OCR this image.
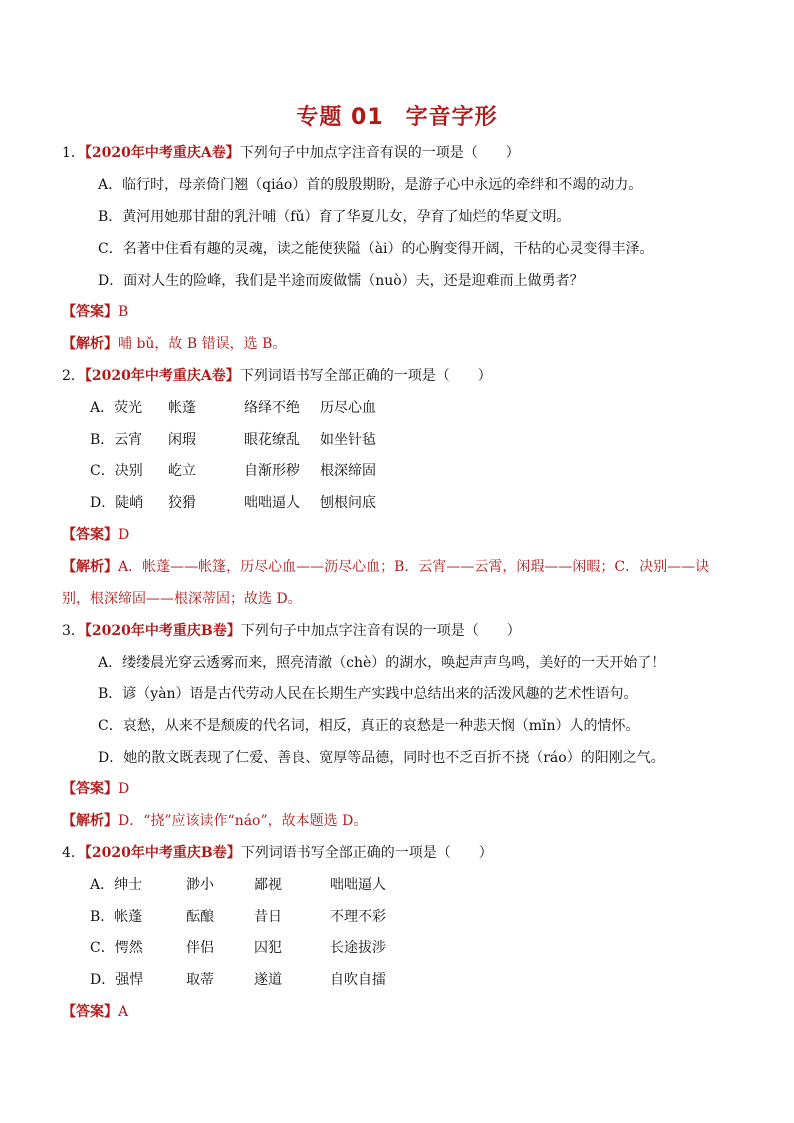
专题 01 字音字形
1．【2020年中考重庆A卷】下列句子中加点字注音有误的一项是（　　）
A．临行时，母亲倚门翘（qiáo）首的殷殷期盼，是游子心中永远的牵绊和不竭的动力。
B．黄河用她那甘甜的乳汁哺（fǔ）育了华夏儿女，孕育了灿烂的华夏文明。
C．名著中住看有趣的灵魂，读之能使狭隘（ài）的心胸变得开阔，干枯的心灵变得丰泽。
D．面对人生的险峰，我们是半途而废做懦（nuò）夫，还是迎难而上做勇者？
【答案】B
【解析】哺 bǔ，故 B 错误，选 B。
2．【2020年中考重庆A卷】下列词语书写全部正确的一项是（　　）
A．荧光 帐蓬	络绎不绝 历尽心血
B．云宵 闲瑕	眼花缭乱 如坐针毡
C．决别 屹立	自渐形秽 根深缔固
D．陡峭 狡猾	咄咄逼人 刨根问底
【答案】D
【解析】A．帐蓬——帐篷，历尽心血——沥尽心血；B．云宵——云霄，闲瑕——闲暇；C．决别——诀
别，根深缔固——根深蒂固；故选 D。
3．【2020年中考重庆B卷】下列句子中加点字注音有误的一项是（　　）
A．缕缕晨光穿云透雾而来，照亮清澈（chè）的湖水，唤起声声鸟鸣，美好的一天开始了！
B．谚（yàn）语是古代劳动人民在长期生产实践中总结出来的活泼风趣的艺术性语句。
C．哀愁，从来不是颓废的代名词，相反，真正的哀愁是一种悲天悯（mǐn）人的情怀。
D．她的散文既表现了仁爱、善良、宽厚等品德，同时也不乏百折不挠（ráo）的阳刚之气。
【答案】D
【解析】D．“挠”应该读作“náo”，故本题选 D。
4．【2020年中考重庆B卷】下列词语书写全部正确的一项是（　　）
A．绅士	渺小	鄙视	咄咄逼人
B．帐蓬	酝酿	昔日	不理不彩
C．愕然	伴侣	囚犯	长途拔涉
D．强悍	取蒂	遂道	自吹自擂
【答案】A
